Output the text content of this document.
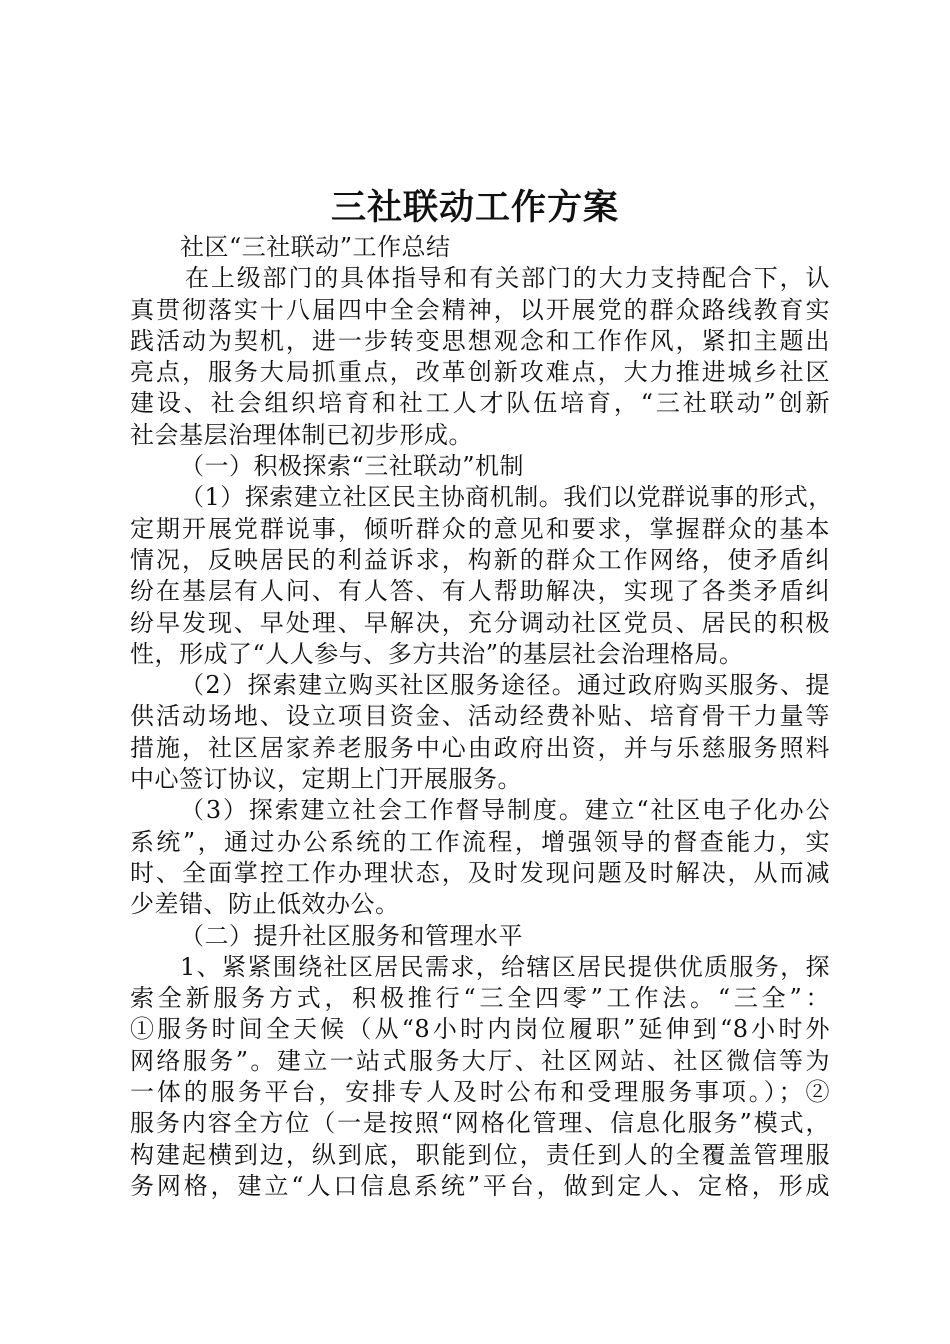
三社联动工作方案
社区“三社联动”工作总结
在上级部门的具体指导和有关部门的大力支持配合下，认
真贯彻落实十八届四中全会精神，以开展党的群众路线教育实
践活动为契机，进一步转变思想观念和工作作风，紧扣主题出
亮点，服务大局抓重点，改革创新攻难点，大力推进城乡社区
建设、社会组织培育和社工人才队伍培育，“三社联动”创新
社会基层治理体制已初步形成。
（一）积极探索“三社联动”机制
（1）探索建立社区民主协商机制。我们以党群说事的形式，
定期开展党群说事，倾听群众的意见和要求，掌握群众的基本
情况，反映居民的利益诉求，构新的群众工作网络，使矛盾纠
纷在基层有人问、有人答、有人帮助解决，实现了各类矛盾纠
纷早发现、早处理、早解决，充分调动社区党员、居民的积极
性，形成了“人人参与、多方共治”的基层社会治理格局。
（2）探索建立购买社区服务途径。通过政府购买服务、提
供活动场地、设立项目资金、活动经费补贴、培育骨干力量等
措施，社区居家养老服务中心由政府出资，并与乐慈服务照料
中心签订协议，定期上门开展服务。
（3）探索建立社会工作督导制度。建立“社区电子化办公
系统”，通过办公系统的工作流程，增强领导的督查能力，实
时、全面掌控工作办理状态，及时发现问题及时解决，从而减
少差错、防止低效办公。
（二）提升社区服务和管理水平
1、紧紧围绕社区居民需求，给辖区居民提供优质服务，探
索全新服务方式，积极推行“三全四零”工作法。“三全”：
①服务时间全天候（从“8小时内岗位履职”延伸到“8小时外
网络服务”。建立一站式服务大厅、社区网站、社区微信等为
一体的服务平台，安排专人及时公布和受理服务事项。）；②
服务内容全方位（一是按照“网格化管理、信息化服务”模式，
构建起横到边，纵到底，职能到位，责任到人的全覆盖管理服
务网格，建立“人口信息系统”平台，做到定人、定格，形成
